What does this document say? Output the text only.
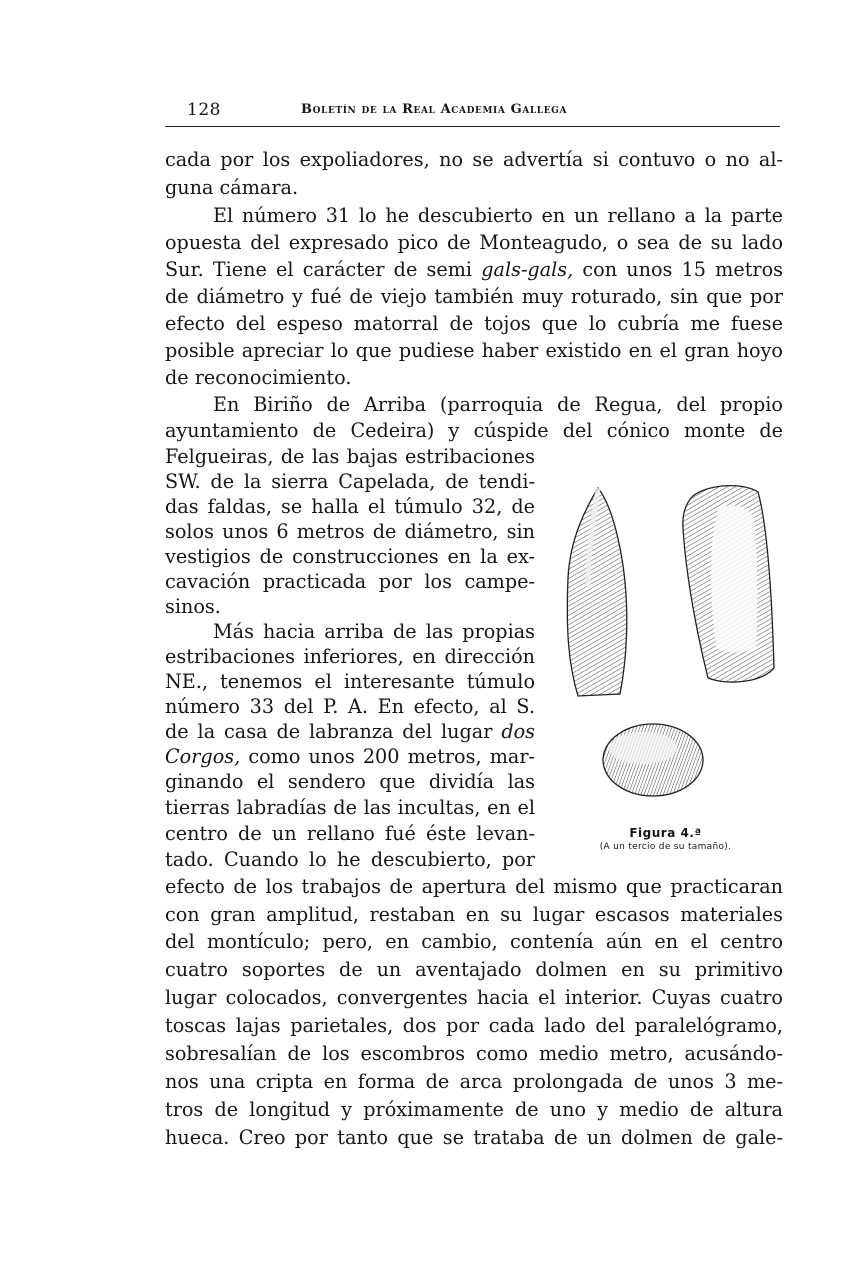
128	Boletín de la Real Academia Gallega
cada por los expoliadores, no se advertía si contuvo o no al-
guna cámara.
El número 31 lo he descubierto en un rellano a la parte
opuesta del expresado pico de Monteagudo, o sea de su lado
Sur. Tiene el carácter de semi gals-gals, con unos 15 metros
de diámetro y fué de viejo también muy roturado, sin que por
efecto del espeso matorral de tojos que lo cubría me fuese
posible apreciar lo que pudiese haber existido en el gran hoyo
de reconocimiento.
En Biriño de Arriba (parroquia de Regua, del propio
ayuntamiento de Cedeira) y cúspide del cónico monte de
Felgueiras, de las bajas estribaciones
SW. de la sierra Capelada, de tendi-
das faldas, se halla el túmulo 32, de
solos unos 6 metros de diámetro, sin
vestigios de construcciones en la ex-
cavación practicada por los campe-
sinos.
Más hacia arriba de las propias
estribaciones inferiores, en dirección
NE., tenemos el interesante túmulo
número 33 del P. A. En efecto, al S.
de la casa de labranza del lugar dos
Corgos, como unos 200 metros, mar-
ginando el sendero que dividía las
tierras labradías de las incultas, en el
centro de un rellano fué éste levan-
tado. Cuando lo he descubierto, por
efecto de los trabajos de apertura del mismo que practicaran
con gran amplitud, restaban en su lugar escasos materiales
del montículo; pero, en cambio, contenía aún en el centro
cuatro soportes de un aventajado dolmen en su primitivo
lugar colocados, convergentes hacia el interior. Cuyas cuatro
toscas lajas parietales, dos por cada lado del paralelógramo,
sobresalían de los escombros como medio metro, acusándo-
nos una cripta en forma de arca prolongada de unos 3 me-
tros de longitud y próximamente de uno y medio de altura
hueca. Creo por tanto que se trataba de un dolmen de gale-
Figura 4.ª
(A un tercio de su tamaño).
